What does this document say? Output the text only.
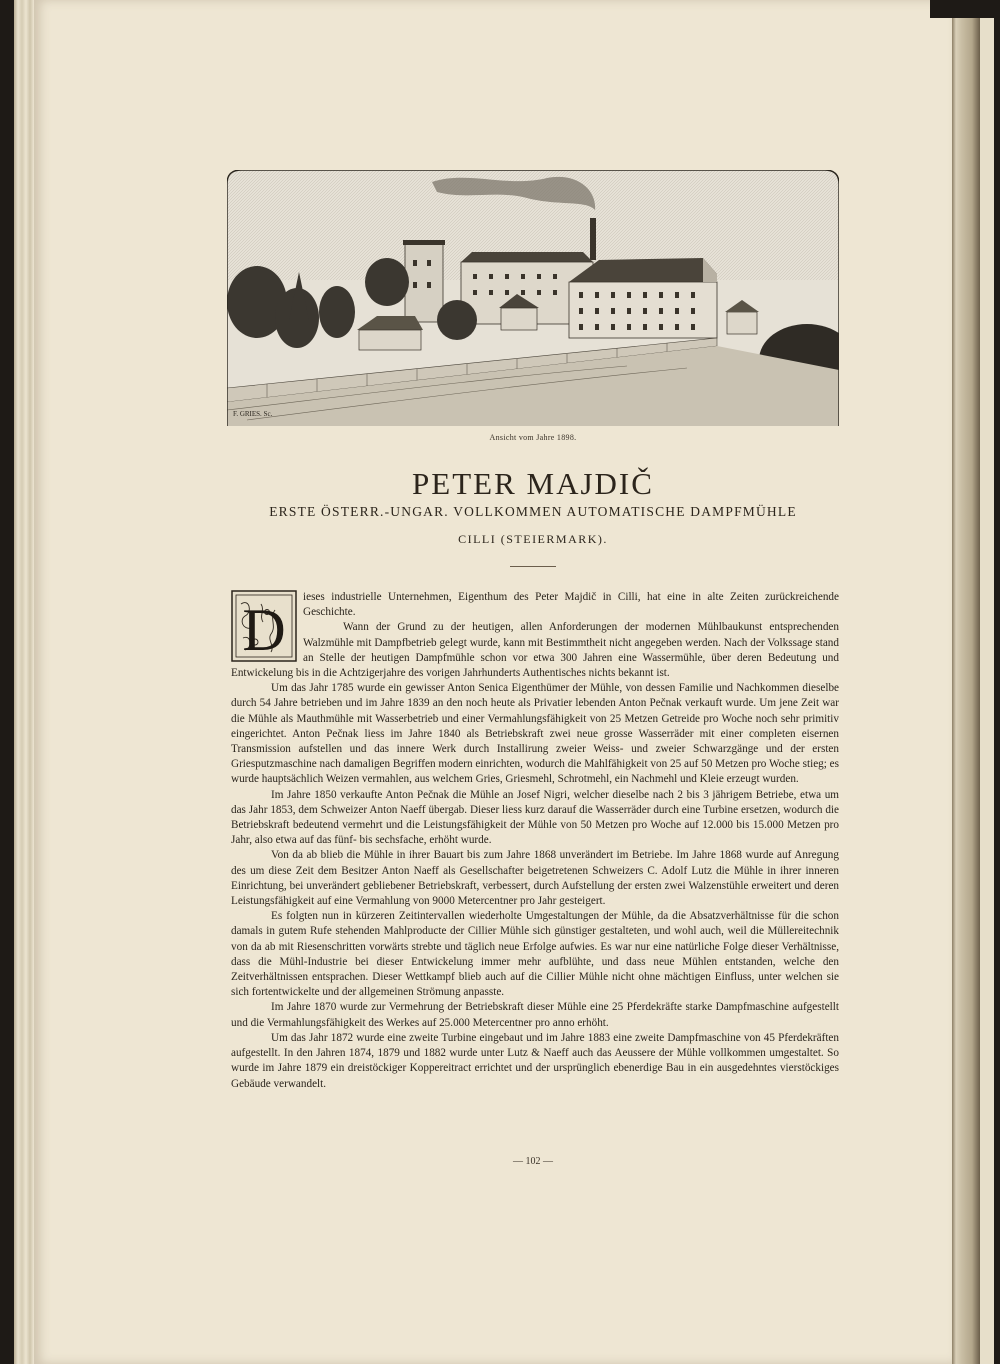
F. GRIES. Sc.
Ansicht vom Jahre 1898.
PETER MAJDIČ
ERSTE ÖSTERR.-UNGAR. VOLLKOMMEN AUTOMATISCHE DAMPFMÜHLE
CILLI (STEIERMARK).
D	ieses industrielle Unternehmen, Eigenthum des Peter Majdič in Cilli, hat eine in alte Zeiten zurückreichende Geschichte.

Wann der Grund zu der heutigen, allen Anforderungen der modernen Mühlbaukunst entsprechenden Walzmühle mit Dampfbetrieb gelegt wurde, kann mit Bestimmtheit nicht angegeben werden. Nach der Volkssage stand an Stelle der heutigen Dampfmühle schon vor etwa 300 Jahren eine Wassermühle, über deren Bedeutung und Entwickelung bis in die Achtzigerjahre des vorigen Jahrhunderts Authentisches nichts bekannt ist.

Um das Jahr 1785 wurde ein gewisser Anton Senica Eigenthümer der Mühle, von dessen Familie und Nachkommen dieselbe durch 54 Jahre betrieben und im Jahre 1839 an den noch heute als Privatier lebenden Anton Pečnak verkauft wurde. Um jene Zeit war die Mühle als Mauthmühle mit Wasserbetrieb und einer Vermahlungsfähigkeit von 25 Metzen Getreide pro Woche noch sehr primitiv eingerichtet. Anton Pečnak liess im Jahre 1840 als Betriebskraft zwei neue grosse Wasserräder mit einer completen eisernen Transmission aufstellen und das innere Werk durch Installirung zweier Weiss- und zweier Schwarzgänge und der ersten Griesputzmaschine nach damaligen Begriffen modern einrichten, wodurch die Mahlfähigkeit von 25 auf 50 Metzen pro Woche stieg; es wurde hauptsächlich Weizen vermahlen, aus welchem Gries, Griesmehl, Schrotmehl, ein Nachmehl und Kleie erzeugt wurden.

Im Jahre 1850 verkaufte Anton Pečnak die Mühle an Josef Nigri, welcher dieselbe nach 2 bis 3 jährigem Betriebe, etwa um das Jahr 1853, dem Schweizer Anton Naeff übergab. Dieser liess kurz darauf die Wasserräder durch eine Turbine ersetzen, wodurch die Betriebskraft bedeutend vermehrt und die Leistungsfähigkeit der Mühle von 50 Metzen pro Woche auf 12.000 bis 15.000 Metzen pro Jahr, also etwa auf das fünf- bis sechsfache, erhöht wurde.

Von da ab blieb die Mühle in ihrer Bauart bis zum Jahre 1868 unverändert im Betriebe. Im Jahre 1868 wurde auf Anregung des um diese Zeit dem Besitzer Anton Naeff als Gesellschafter beigetretenen Schweizers C. Adolf Lutz die Mühle in ihrer inneren Einrichtung, bei unverändert gebliebener Betriebskraft, verbessert, durch Aufstellung der ersten zwei Walzenstühle erweitert und deren Leistungsfähigkeit auf eine Vermahlung von 9000 Metercentner pro Jahr gesteigert.

Es folgten nun in kürzeren Zeitintervallen wiederholte Umgestaltungen der Mühle, da die Absatzverhältnisse für die schon damals in gutem Rufe stehenden Mahlproducte der Cillier Mühle sich günstiger gestalteten, und wohl auch, weil die Müllereitechnik von da ab mit Riesenschritten vorwärts strebte und täglich neue Erfolge aufwies. Es war nur eine natürliche Folge dieser Verhältnisse, dass die Mühl-Industrie bei dieser Entwickelung immer mehr aufblühte, und dass neue Mühlen entstanden, welche den Zeitverhältnissen entsprachen. Dieser Wettkampf blieb auch auf die Cillier Mühle nicht ohne mächtigen Einfluss, unter welchen sie sich fortentwickelte und der allgemeinen Strömung anpasste.

Im Jahre 1870 wurde zur Vermehrung der Betriebskraft dieser Mühle eine 25 Pferdekräfte starke Dampfmaschine aufgestellt und die Vermahlungsfähigkeit des Werkes auf 25.000 Metercentner pro anno erhöht.

Um das Jahr 1872 wurde eine zweite Turbine eingebaut und im Jahre 1883 eine zweite Dampfmaschine von 45 Pferdekräften aufgestellt. In den Jahren 1874, 1879 und 1882 wurde unter Lutz & Naeff auch das Aeussere der Mühle vollkommen umgestaltet. So wurde im Jahre 1879 ein dreistöckiger Koppereitract errichtet und der ursprünglich ebenerdige Bau in ein ausgedehntes vierstöckiges Gebäude verwandelt.

— 102 —
